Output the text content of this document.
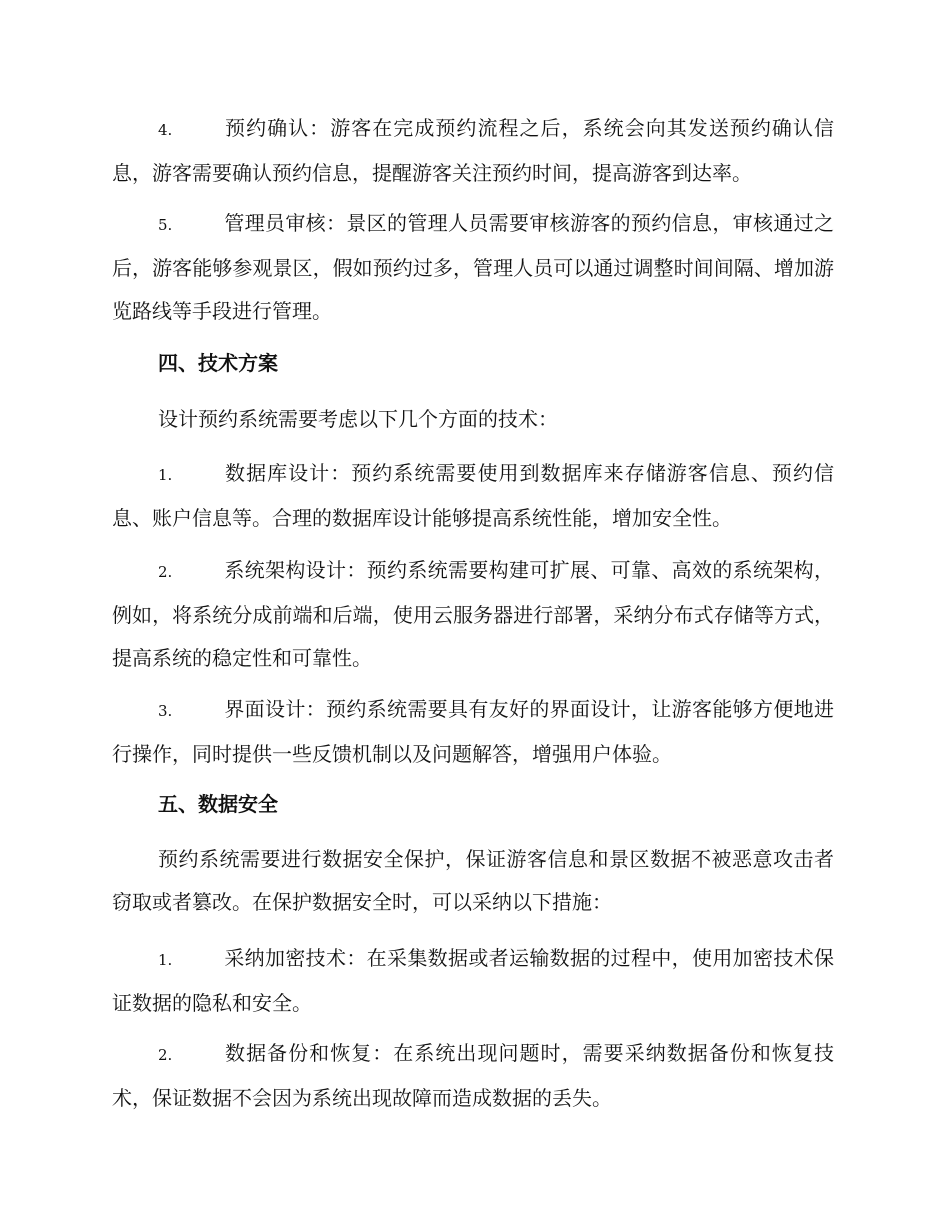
4.	预约确认：游客在完成预约流程之后，系统会向其发送预约确认信息，游客需要确认预约信息，提醒游客关注预约时间，提高游客到达率。
5.	管理员审核：景区的管理人员需要审核游客的预约信息，审核通过之后，游客能够参观景区，假如预约过多，管理人员可以通过调整时间间隔、增加游览路线等手段进行管理。
四、技术方案
设计预约系统需要考虑以下几个方面的技术：
1.	数据库设计：预约系统需要使用到数据库来存储游客信息、预约信息、账户信息等。合理的数据库设计能够提高系统性能，增加安全性。
2.	系统架构设计：预约系统需要构建可扩展、可靠、高效的系统架构，例如，将系统分成前端和后端，使用云服务器进行部署，采纳分布式存储等方式，提高系统的稳定性和可靠性。
3.	界面设计：预约系统需要具有友好的界面设计，让游客能够方便地进行操作，同时提供一些反馈机制以及问题解答，增强用户体验。
五、数据安全
预约系统需要进行数据安全保护，保证游客信息和景区数据不被恶意攻击者窃取或者篡改。在保护数据安全时，可以采纳以下措施：
1.	采纳加密技术：在采集数据或者运输数据的过程中，使用加密技术保证数据的隐私和安全。
2.	数据备份和恢复：在系统出现问题时，需要采纳数据备份和恢复技术，保证数据不会因为系统出现故障而造成数据的丢失。
